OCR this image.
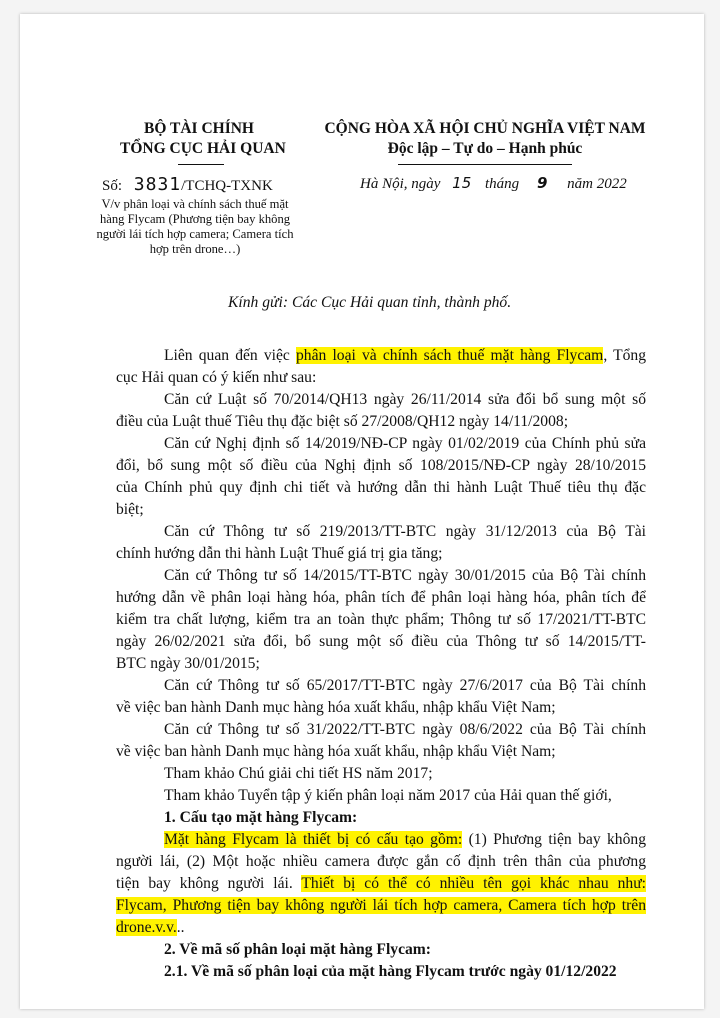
BỘ TÀI CHÍNH
TỔNG CỤC HẢI QUAN
Số: 3831/TCHQ-TXNK
V/v phân loại và chính sách thuế mặt
hàng Flycam (Phương tiện bay không
người lái tích hợp camera; Camera tích
hợp trên drone…)
CỘNG HÒA XÃ HỘI CHỦ NGHĨA VIỆT NAM
Độc lập – Tự do – Hạnh phúc
Hà Nội, ngày 15 tháng 9 năm 2022
Kính gửi: Các Cục Hải quan tỉnh, thành phố.
Liên quan đến việc phân loại và chính sách thuế mặt hàng Flycam, Tổng
cục Hải quan có ý kiến như sau:
Căn cứ Luật số 70/2014/QH13 ngày 26/11/2014 sửa đổi bổ sung một số
điều của Luật thuế Tiêu thụ đặc biệt số 27/2008/QH12 ngày 14/11/2008;
Căn cứ Nghị định số 14/2019/NĐ-CP ngày 01/02/2019 của Chính phủ sửa
đổi, bổ sung một số điều của Nghị định số 108/2015/NĐ-CP ngày 28/10/2015
của Chính phủ quy định chi tiết và hướng dẫn thi hành Luật Thuế tiêu thụ đặc
biệt;
Căn cứ Thông tư số 219/2013/TT-BTC ngày 31/12/2013 của Bộ Tài
chính hướng dẫn thi hành Luật Thuế giá trị gia tăng;
Căn cứ Thông tư số 14/2015/TT-BTC ngày 30/01/2015 của Bộ Tài chính
hướng dẫn về phân loại hàng hóa, phân tích để phân loại hàng hóa, phân tích để
kiểm tra chất lượng, kiểm tra an toàn thực phẩm; Thông tư số 17/2021/TT-BTC
ngày 26/02/2021 sửa đổi, bổ sung một số điều của Thông tư số 14/2015/TT-
BTC ngày 30/01/2015;
Căn cứ Thông tư số 65/2017/TT-BTC ngày 27/6/2017 của Bộ Tài chính
về việc ban hành Danh mục hàng hóa xuất khẩu, nhập khẩu Việt Nam;
Căn cứ Thông tư số 31/2022/TT-BTC ngày 08/6/2022 của Bộ Tài chính
về việc ban hành Danh mục hàng hóa xuất khẩu, nhập khẩu Việt Nam;
Tham khảo Chú giải chi tiết HS năm 2017;
Tham khảo Tuyển tập ý kiến phân loại năm 2017 của Hải quan thế giới,
1. Cấu tạo mặt hàng Flycam:
Mặt hàng Flycam là thiết bị có cấu tạo gồm: (1) Phương tiện bay không
người lái, (2) Một hoặc nhiều camera được gắn cố định trên thân của phương
tiện bay không người lái. Thiết bị có thể có nhiều tên gọi khác nhau như:
Flycam, Phương tiện bay không người lái tích hợp camera, Camera tích hợp trên
drone.v.v...
2. Về mã số phân loại mặt hàng Flycam:
2.1. Về mã số phân loại của mặt hàng Flycam trước ngày 01/12/2022
